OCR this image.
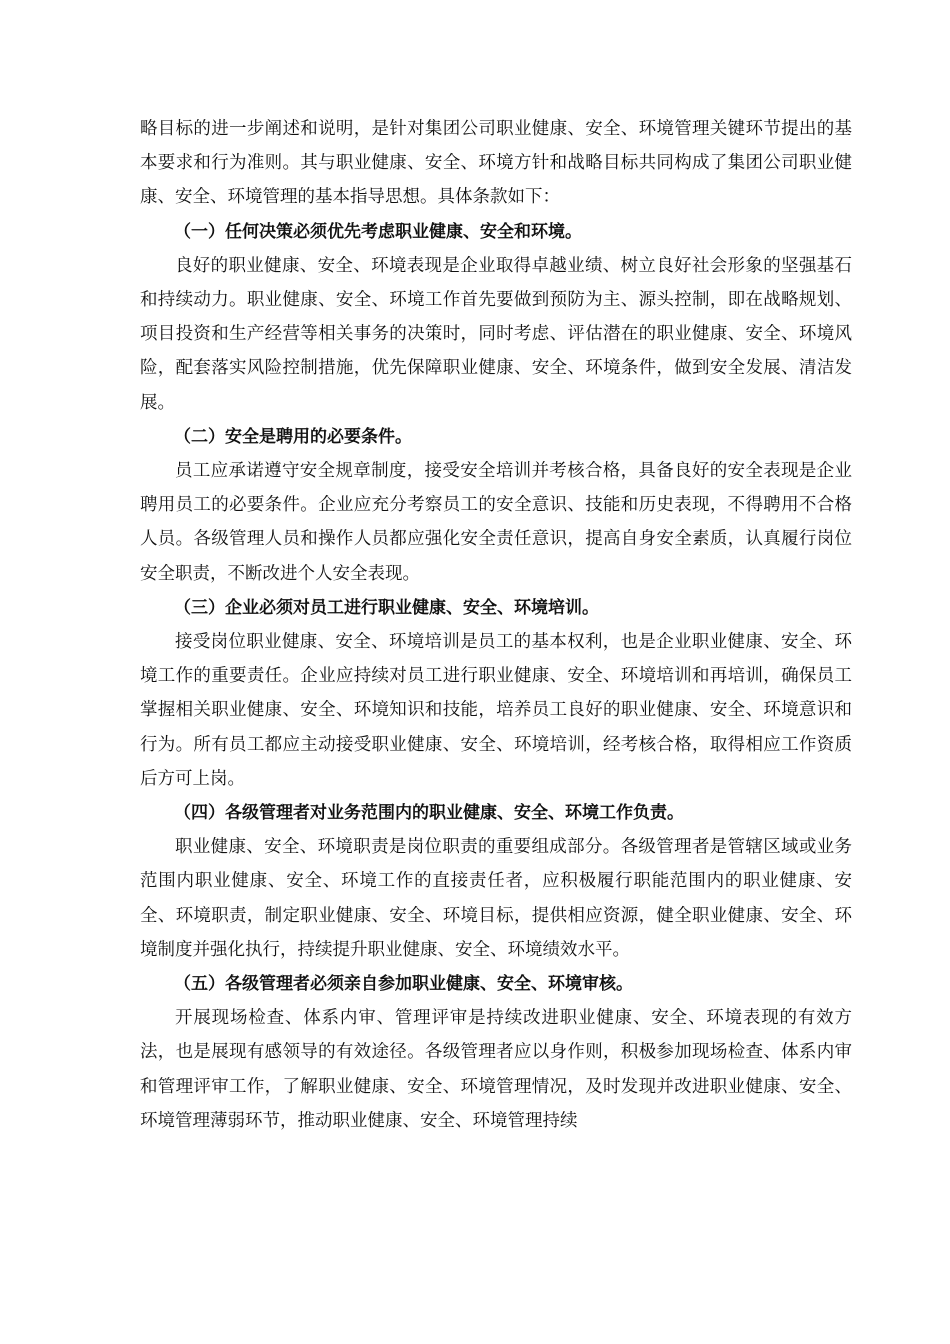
略目标的进一步阐述和说明，是针对集团公司职业健康、安全、环境管理关键环节提出的基本要求和行为准则。其与职业健康、安全、环境方针和战略目标共同构成了集团公司职业健康、安全、环境管理的基本指导思想。具体条款如下：

（一）任何决策必须优先考虑职业健康、安全和环境。

良好的职业健康、安全、环境表现是企业取得卓越业绩、树立良好社会形象的坚强基石和持续动力。职业健康、安全、环境工作首先要做到预防为主、源头控制，即在战略规划、项目投资和生产经营等相关事务的决策时，同时考虑、评估潜在的职业健康、安全、环境风险，配套落实风险控制措施，优先保障职业健康、安全、环境条件，做到安全发展、清洁发展。

（二）安全是聘用的必要条件。

员工应承诺遵守安全规章制度，接受安全培训并考核合格，具备良好的安全表现是企业聘用员工的必要条件。企业应充分考察员工的安全意识、技能和历史表现，不得聘用不合格人员。各级管理人员和操作人员都应强化安全责任意识，提高自身安全素质，认真履行岗位安全职责，不断改进个人安全表现。

（三）企业必须对员工进行职业健康、安全、环境培训。

接受岗位职业健康、安全、环境培训是员工的基本权利，也是企业职业健康、安全、环境工作的重要责任。企业应持续对员工进行职业健康、安全、环境培训和再培训，确保员工掌握相关职业健康、安全、环境知识和技能，培养员工良好的职业健康、安全、环境意识和行为。所有员工都应主动接受职业健康、安全、环境培训，经考核合格，取得相应工作资质后方可上岗。

（四）各级管理者对业务范围内的职业健康、安全、环境工作负责。

职业健康、安全、环境职责是岗位职责的重要组成部分。各级管理者是管辖区域或业务范围内职业健康、安全、环境工作的直接责任者，应积极履行职能范围内的职业健康、安全、环境职责，制定职业健康、安全、环境目标，提供相应资源，健全职业健康、安全、环境制度并强化执行，持续提升职业健康、安全、环境绩效水平。

（五）各级管理者必须亲自参加职业健康、安全、环境审核。

开展现场检查、体系内审、管理评审是持续改进职业健康、安全、环境表现的有效方法，也是展现有感领导的有效途径。各级管理者应以身作则，积极参加现场检查、体系内审和管理评审工作，了解职业健康、安全、环境管理情况，及时发现并改进职业健康、安全、环境管理薄弱环节，推动职业健康、安全、环境管理持续
